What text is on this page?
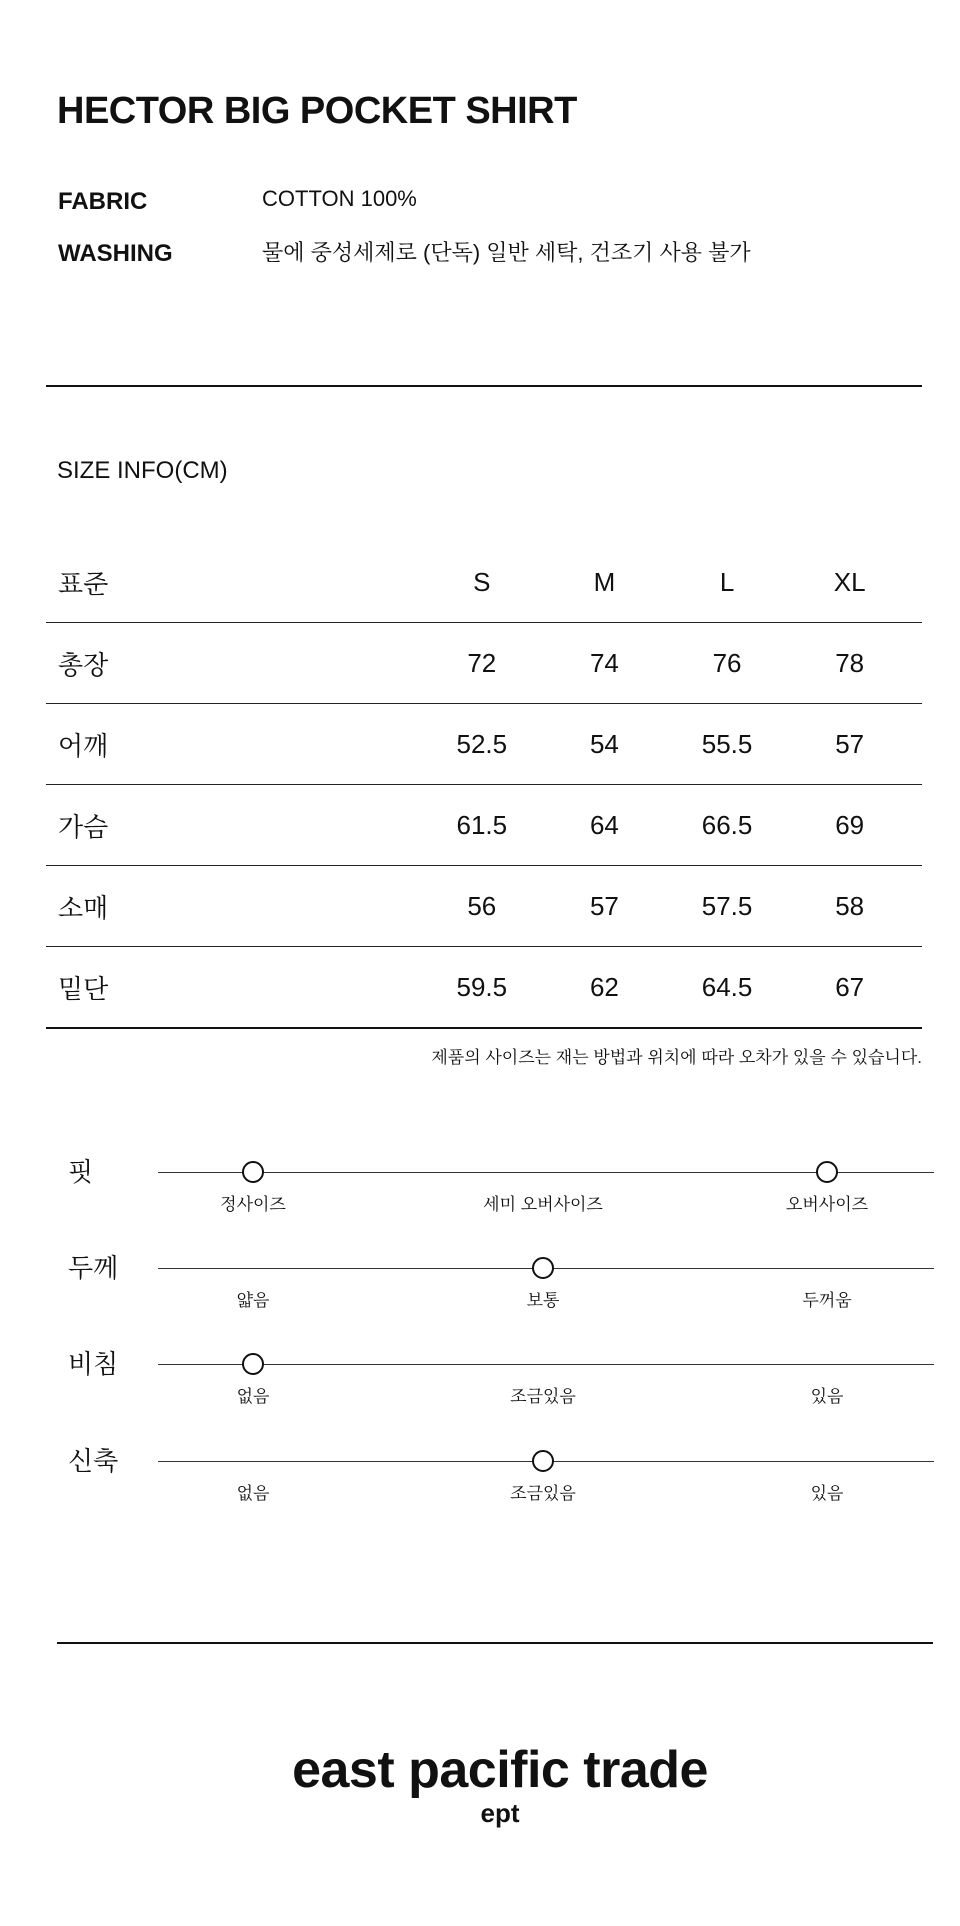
HECTOR BIG POCKET SHIRT
FABRIC	COTTON 100%
WASHING	물에 중성세제로 (단독) 일반 세탁, 건조기 사용 불가
SIZE INFO(CM)
표준	S	M	L	XL	
총장	72	74	76	78	
어깨	52.5	54	55.5	57	
가슴	61.5	64	66.5	69	
소매	56	57	57.5	58	
밑단	59.5	62	64.5	67	
제품의 사이즈는 재는 방법과 위치에 따라 오차가 있을 수 있습니다.
핏
정사이즈	세미 오버사이즈	오버사이즈
두께
얇음	보통	두꺼움
비침
없음	조금있음	있음
신축
없음	조금있음	있음
east pacific trade
ept
